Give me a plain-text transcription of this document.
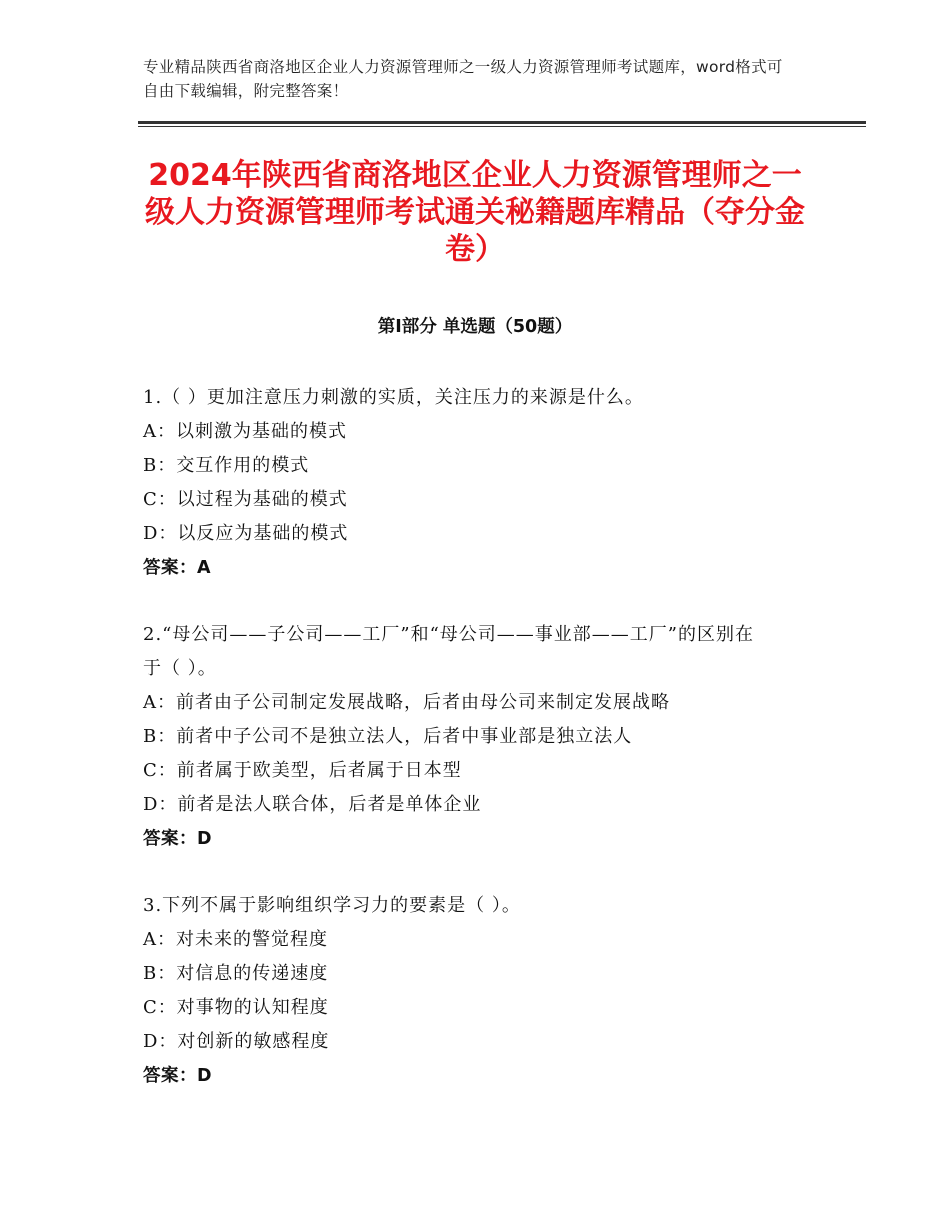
专业精品陕西省商洛地区企业人力资源管理师之一级人力资源管理师考试题库，word格式可自由下载编辑，附完整答案！
2024年陕西省商洛地区企业人力资源管理师之一级人力资源管理师考试通关秘籍题库精品（夺分金卷）
第Ⅰ部分 单选题（50题）
1.（ ）更加注意压力刺激的实质，关注压力的来源是什么。
A：以刺激为基础的模式
B：交互作用的模式
C：以过程为基础的模式
D：以反应为基础的模式
答案：A
2.“母公司——子公司——工厂”和“母公司——事业部——工厂”的区别在于（ ）。
A：前者由子公司制定发展战略，后者由母公司来制定发展战略
B：前者中子公司不是独立法人，后者中事业部是独立法人
C：前者属于欧美型，后者属于日本型
D：前者是法人联合体，后者是单体企业
答案：D
3.下列不属于影响组织学习力的要素是（ ）。
A：对未来的警觉程度
B：对信息的传递速度
C：对事物的认知程度
D：对创新的敏感程度
答案：D
